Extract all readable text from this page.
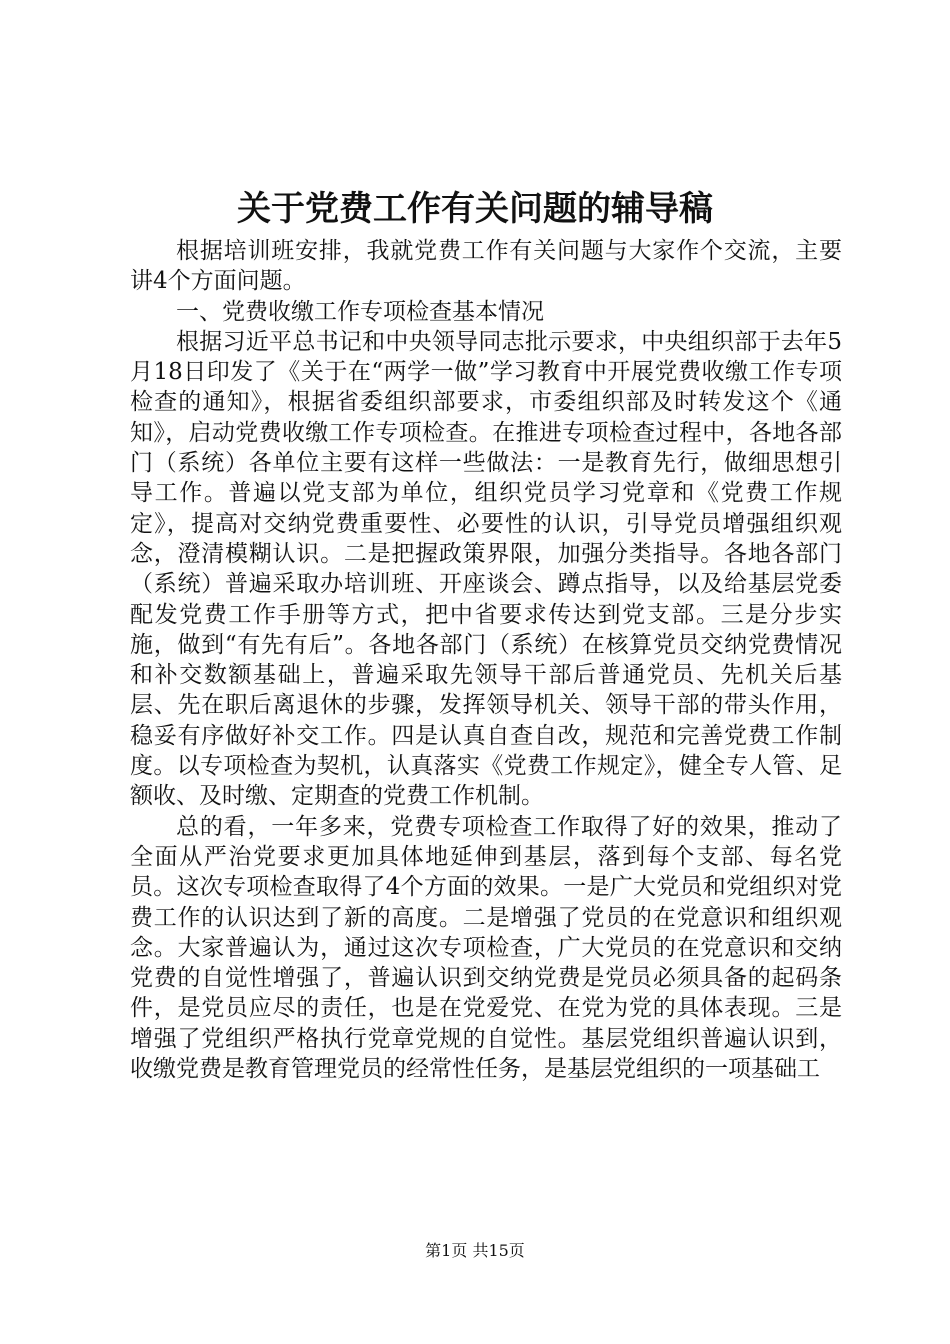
关于党费工作有关问题的辅导稿

根据培训班安排，我就党费工作有关问题与大家作个交流，主要讲4个方面问题。

一、党费收缴工作专项检查基本情况

根据习近平总书记和中央领导同志批示要求，中央组织部于去年5月18日印发了《关于在“两学一做”学习教育中开展党费收缴工作专项检查的通知》，根据省委组织部要求，市委组织部及时转发这个《通知》，启动党费收缴工作专项检查。在推进专项检查过程中，各地各部门（系统）各单位主要有这样一些做法：一是教育先行，做细思想引导工作。普遍以党支部为单位，组织党员学习党章和《党费工作规定》，提高对交纳党费重要性、必要性的认识，引导党员增强组织观念，澄清模糊认识。二是把握政策界限，加强分类指导。各地各部门（系统）普遍采取办培训班、开座谈会、蹲点指导，以及给基层党委配发党费工作手册等方式，把中省要求传达到党支部。三是分步实施，做到“有先有后”。各地各部门（系统）在核算党员交纳党费情况和补交数额基础上，普遍采取先领导干部后普通党员、先机关后基层、先在职后离退休的步骤，发挥领导机关、领导干部的带头作用，稳妥有序做好补交工作。四是认真自查自改，规范和完善党费工作制度。以专项检查为契机，认真落实《党费工作规定》，健全专人管、足额收、及时缴、定期查的党费工作机制。

总的看，一年多来，党费专项检查工作取得了好的效果，推动了全面从严治党要求更加具体地延伸到基层，落到每个支部、每名党员。这次专项检查取得了4个方面的效果。一是广大党员和党组织对党费工作的认识达到了新的高度。二是增强了党员的在党意识和组织观念。大家普遍认为，通过这次专项检查，广大党员的在党意识和交纳党费的自觉性增强了，普遍认识到交纳党费是党员必须具备的起码条件，是党员应尽的责任，也是在党爱党、在党为党的具体表现。三是增强了党组织严格执行党章党规的自觉性。基层党组织普遍认识到，收缴党费是教育管理党员的经常性任务，是基层党组织的一项基础工

第1页 共15页
